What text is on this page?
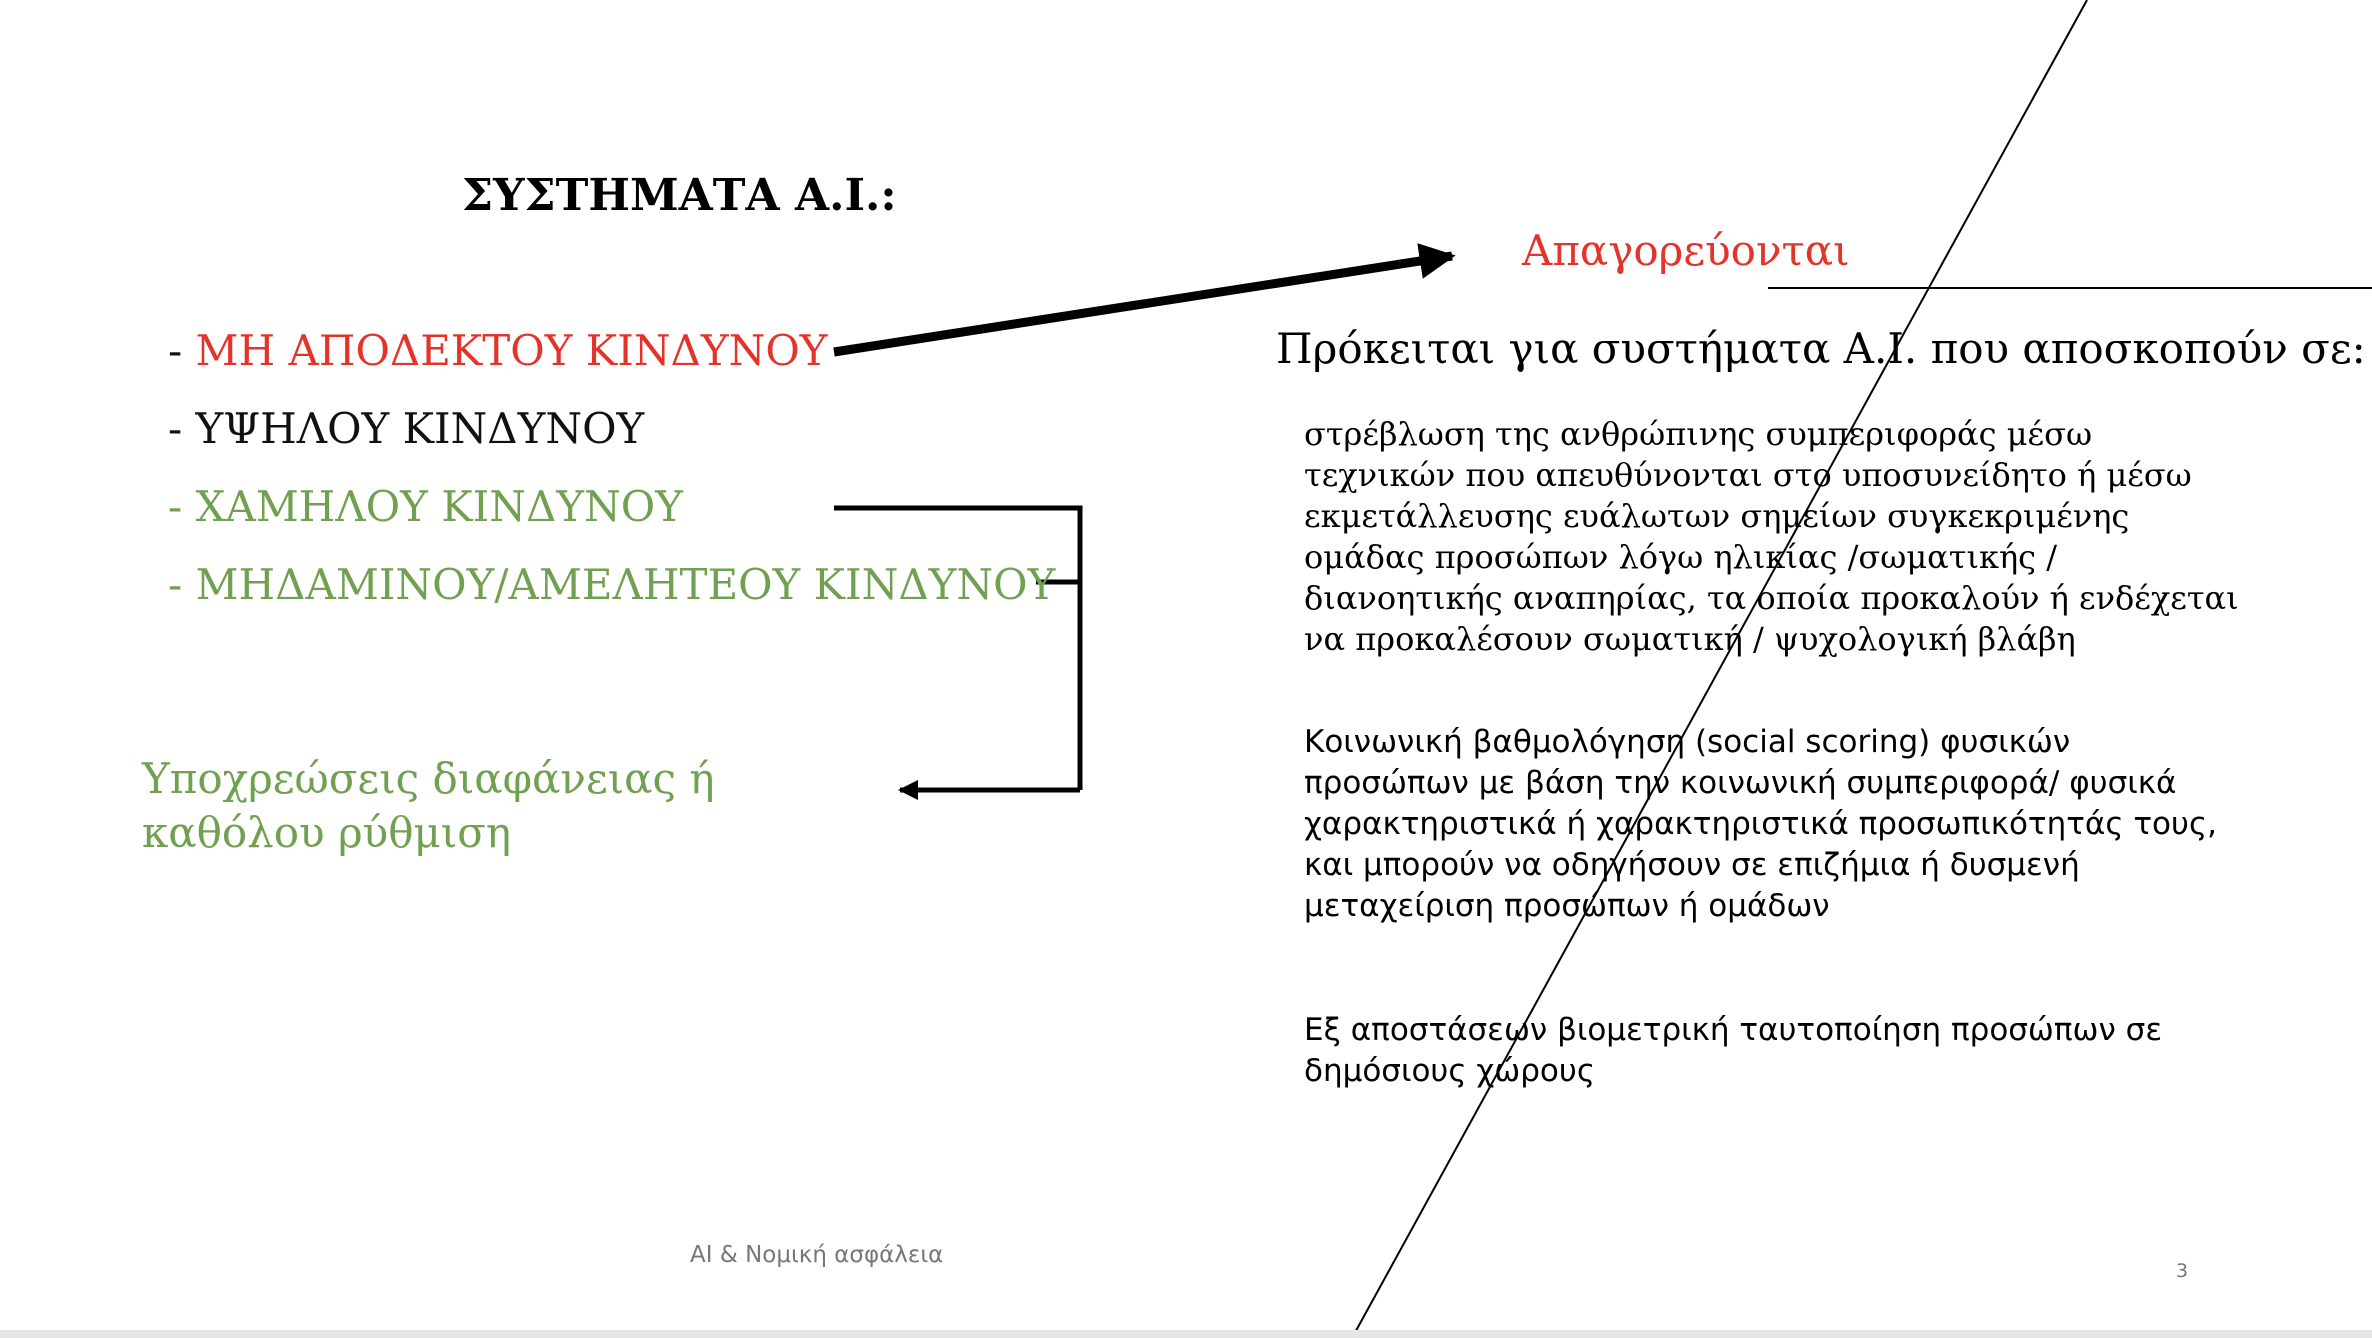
ΣΥΣΤΗΜΑΤΑ Α.Ι.:
- ΜΗ ΑΠΟΔΕΚΤΟΥ ΚΙΝΔΥΝΟΥ
- ΥΨΗΛΟΥ ΚΙΝΔΥΝΟΥ
- ΧΑΜΗΛΟΥ ΚΙΝΔΥΝΟΥ
- ΜΗΔΑΜΙΝΟΥ/ΑΜΕΛΗΤΕΟΥ ΚΙΝΔΥΝΟΥ
Υποχρεώσεις διαφάνειας ή καθόλου ρύθμιση
Απαγορεύονται
Πρόκειται για συστήματα Α.Ι. που αποσκοπούν σε:
στρέβλωση της ανθρώπινης συμπεριφοράς μέσω τεχνικών που απευθύνονται στο υποσυνείδητο ή μέσω εκμετάλλευσης ευάλωτων σημείων συγκεκριμένης ομάδας προσώπων λόγω ηλικίας /σωματικής / διανοητικής αναπηρίας, τα οποία προκαλούν ή ενδέχεται να προκαλέσουν σωματική / ψυχολογική βλάβη
Κοινωνική βαθμολόγηση (social scoring) φυσικών προσώπων με βάση την κοινωνική συμπεριφορά/ φυσικά χαρακτηριστικά ή χαρακτηριστικά προσωπικότητάς τους, και μπορούν να οδηγήσουν σε επιζήμια ή δυσμενή μεταχείριση προσώπων ή ομάδων
Εξ αποστάσεων βιομετρική ταυτοποίηση προσώπων σε δημόσιους χώρους
AI & Νομική ασφάλεια
3
